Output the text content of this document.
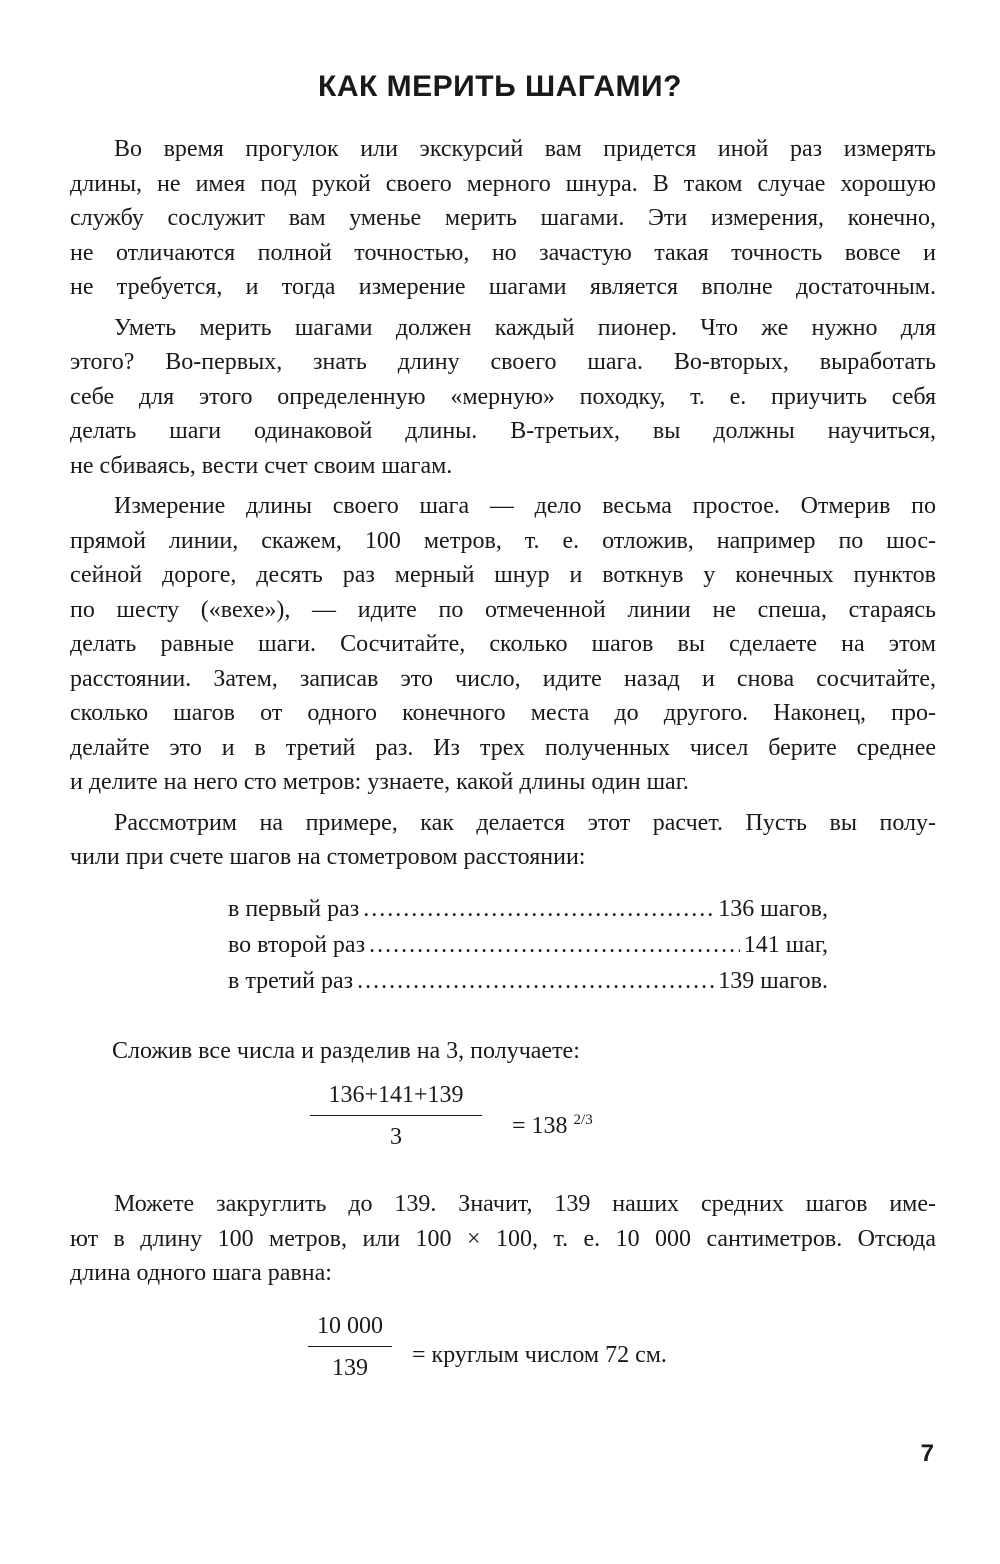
КАК МЕРИТЬ ШАГАМИ?

Во время прогулок или экскурсий вам придется иной раз измерять
длины, не имея под рукой своего мерного шнура. В таком случае хорошую
службу сослужит вам уменье мерить шагами. Эти измерения, конечно,
не отличаются полной точностью, но зачастую такая точность вовсе и
не требуется, и тогда измерение шагами является вполне достаточным.

Уметь мерить шагами должен каждый пионер. Что же нужно для
этого? Во-первых, знать длину своего шага. Во-вторых, выработать
себе для этого определенную «мерную» походку, т. е. приучить себя
делать шаги одинаковой длины. В-третьих, вы должны научиться,
не сбиваясь, вести счет своим шагам.

Измерение длины своего шага — дело весьма простое. Отмерив по
прямой линии, скажем, 100 метров, т. е. отложив, например по шос-
сейной дороге, десять раз мерный шнур и воткнув у конечных пунктов
по шесту («вехе»), — идите по отмеченной линии не спеша, стараясь
делать равные шаги. Сосчитайте, сколько шагов вы сделаете на этом
расстоянии. Затем, записав это число, идите назад и снова сосчитайте,
сколько шагов от одного конечного места до другого. Наконец, про-
делайте это и в третий раз. Из трех полученных чисел берите среднее
и делите на него сто метров: узнаете, какой длины один шаг.

Рассмотрим на примере, как делается этот расчет. Пусть вы полу-
чили при счете шагов на стометровом расстоянии:

в первый раз .....	136 шагов,
во второй раз .....	141 шаг,
в третий раз .....	139 шагов.
Сложив все числа и разделив на 3, получаете:
136+141+139
3	= 138 $^{2/3}$

Можете закруглить до 139. Значит, 139 наших средних шагов име-
ют в длину 100 метров, или 100 × 100, т. е. 10 000 сантиметров. Отсюда
длина одного шага равна:

10 000
139	= круглым числом 72 см.
7
